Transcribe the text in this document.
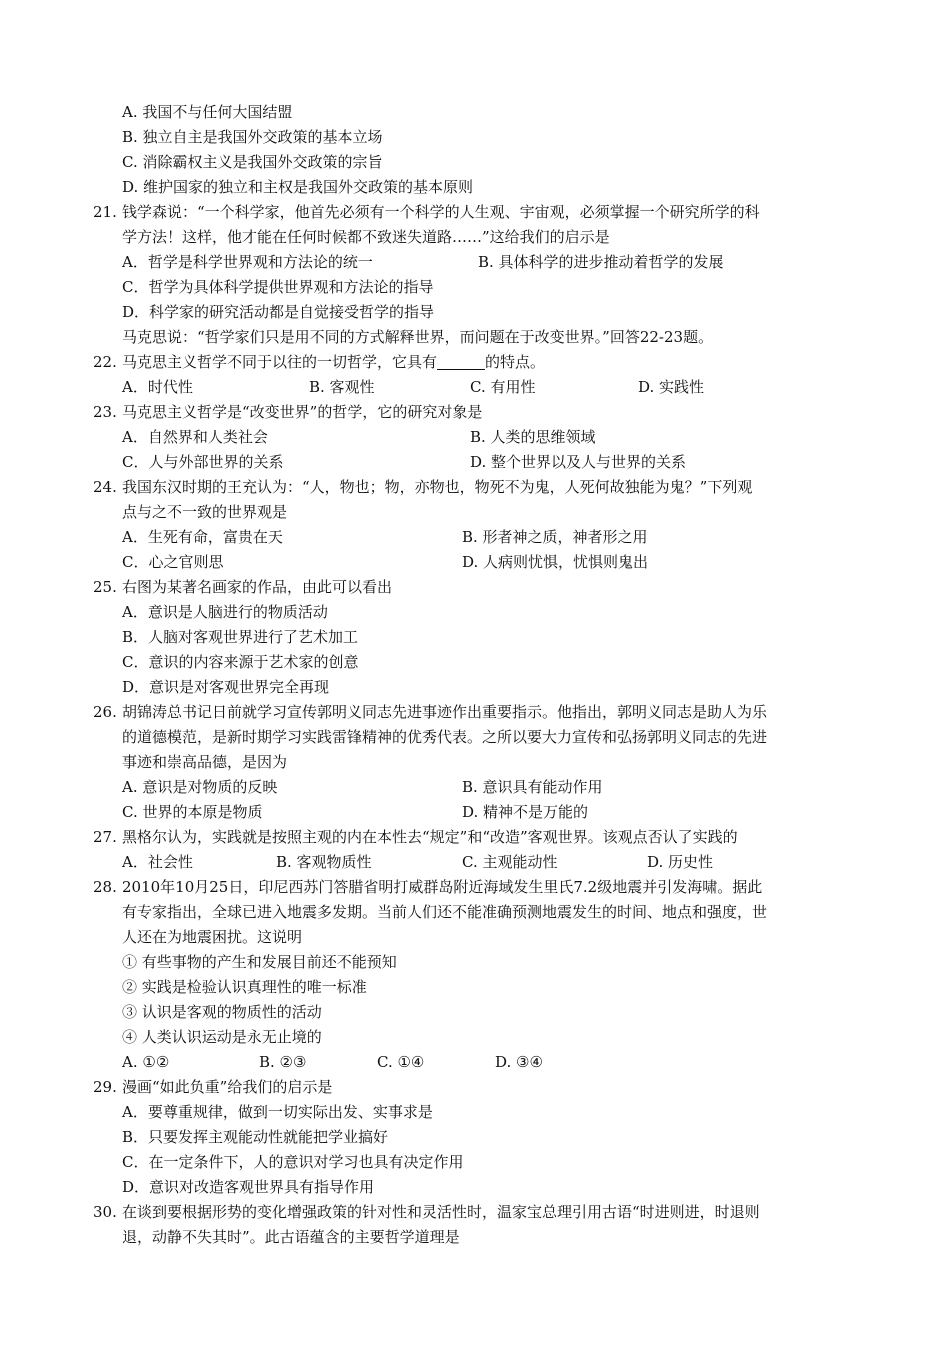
A. 我国不与任何大国结盟
B. 独立自主是我国外交政策的基本立场
C. 消除霸权主义是我国外交政策的宗旨
D. 维护国家的独立和主权是我国外交政策的基本原则
21. 钱学森说：“一个科学家，他首先必须有一个科学的人生观、宇宙观，必须掌握一个研究所学的科
学方法！这样，他才能在任何时候都不致迷失道路……”这给我们的启示是
A．哲学是科学世界观和方法论的统一	B. 具体科学的进步推动着哲学的发展
C．哲学为具体科学提供世界观和方法论的指导
D．科学家的研究活动都是自觉接受哲学的指导
马克思说：“哲学家们只是用不同的方式解释世界，而问题在于改变世界。”回答22-23题。
22. 马克思主义哲学不同于以往的一切哲学，它具有	的特点。
A．时代性	B. 客观性	C. 有用性	D. 实践性
23. 马克思主义哲学是“改变世界”的哲学，它的研究对象是
A．自然界和人类社会	B. 人类的思维领域
C．人与外部世界的关系	D. 整个世界以及人与世界的关系
24. 我国东汉时期的王充认为：“人，物也；物，亦物也，物死不为鬼，人死何故独能为鬼？”下列观
点与之不一致的世界观是
A．生死有命，富贵在天	B. 形者神之质，神者形之用
C．心之官则思	D. 人病则忧惧，忧惧则鬼出
25. 右图为某著名画家的作品，由此可以看出
A．意识是人脑进行的物质活动
B．人脑对客观世界进行了艺术加工
C．意识的内容来源于艺术家的创意
D．意识是对客观世界完全再现
26. 胡锦涛总书记日前就学习宣传郭明义同志先进事迹作出重要指示。他指出，郭明义同志是助人为乐
的道德模范，是新时期学习实践雷锋精神的优秀代表。之所以要大力宣传和弘扬郭明义同志的先进
事迹和崇高品德，是因为
A. 意识是对物质的反映	B. 意识具有能动作用
C. 世界的本原是物质	D. 精神不是万能的
27. 黑格尔认为，实践就是按照主观的内在本性去“规定”和“改造”客观世界。该观点否认了实践的
A．社会性	B. 客观物质性	C. 主观能动性	D. 历史性
28. 2010年10月25日，印尼西苏门答腊省明打威群岛附近海域发生里氏7.2级地震并引发海啸。据此
有专家指出，全球已进入地震多发期。当前人们还不能准确预测地震发生的时间、地点和强度，世
人还在为地震困扰。这说明
① 有些事物的产生和发展目前还不能预知
② 实践是检验认识真理性的唯一标准
③ 认识是客观的物质性的活动
④ 人类认识运动是永无止境的
A. ①②	B. ②③	C. ①④	D. ③④
29. 漫画“如此负重”给我们的启示是
A．要尊重规律，做到一切实际出发、实事求是
B．只要发挥主观能动性就能把学业搞好
C．在一定条件下，人的意识对学习也具有决定作用
D．意识对改造客观世界具有指导作用
30. 在谈到要根据形势的变化增强政策的针对性和灵活性时，温家宝总理引用古语“时进则进，时退则
退，动静不失其时”。此古语蕴含的主要哲学道理是
